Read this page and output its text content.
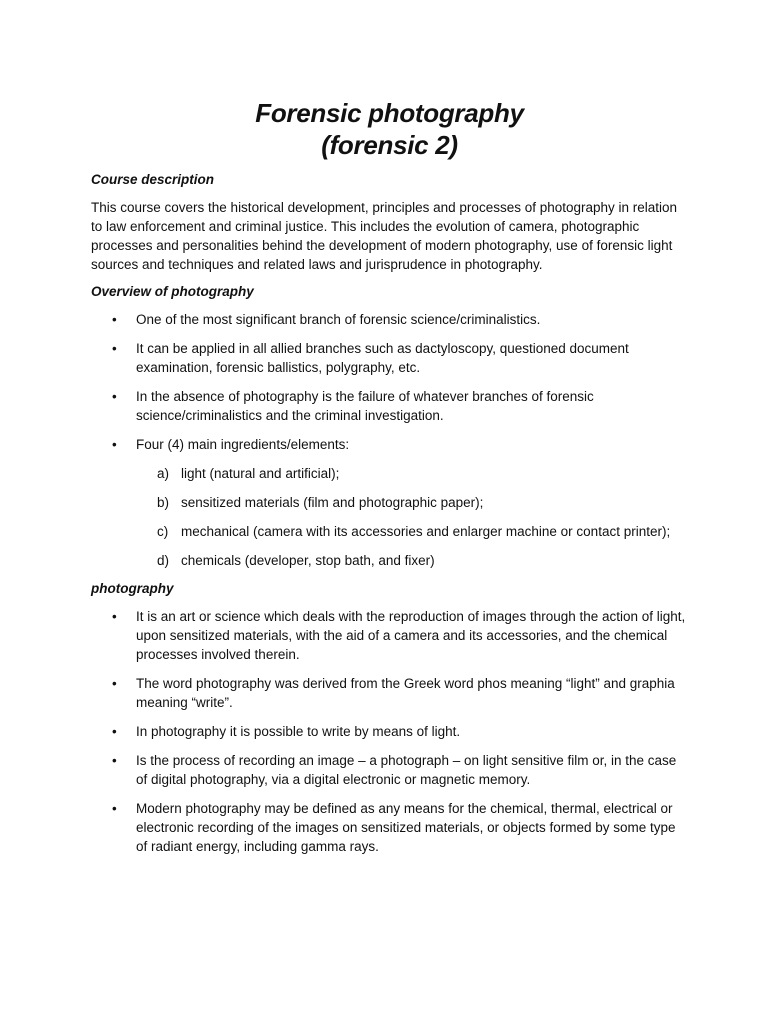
Forensic photography
(forensic 2)
Course description

This course covers the historical development, principles and processes of photography in relation to law enforcement and criminal justice. This includes the evolution of camera, photographic processes and personalities behind the development of modern photography, use of forensic light sources and techniques and related laws and jurisprudence in photography.

Overview of photography
• One of the most significant branch of forensic science/criminalistics.
• It can be applied in all allied branches such as dactyloscopy, questioned document examination, forensic ballistics, polygraphy, etc.
• In the absence of photography is the failure of whatever branches of forensic science/criminalistics and the criminal investigation.
• Four (4) main ingredients/elements:
a) light (natural and artificial);
b) sensitized materials (film and photographic paper);
c) mechanical (camera with its accessories and enlarger machine or contact printer);
d) chemicals (developer, stop bath, and fixer)
photography
• It is an art or science which deals with the reproduction of images through the action of light, upon sensitized materials, with the aid of a camera and its accessories, and the chemical processes involved therein.
• The word photography was derived from the Greek word phos meaning “light” and graphia meaning “write”.
• In photography it is possible to write by means of light.
• Is the process of recording an image – a photograph – on light sensitive film or, in the case of digital photography, via a digital electronic or magnetic memory.
• Modern photography may be defined as any means for the chemical, thermal, electrical or electronic recording of the images on sensitized materials, or objects formed by some type of radiant energy, including gamma rays.
